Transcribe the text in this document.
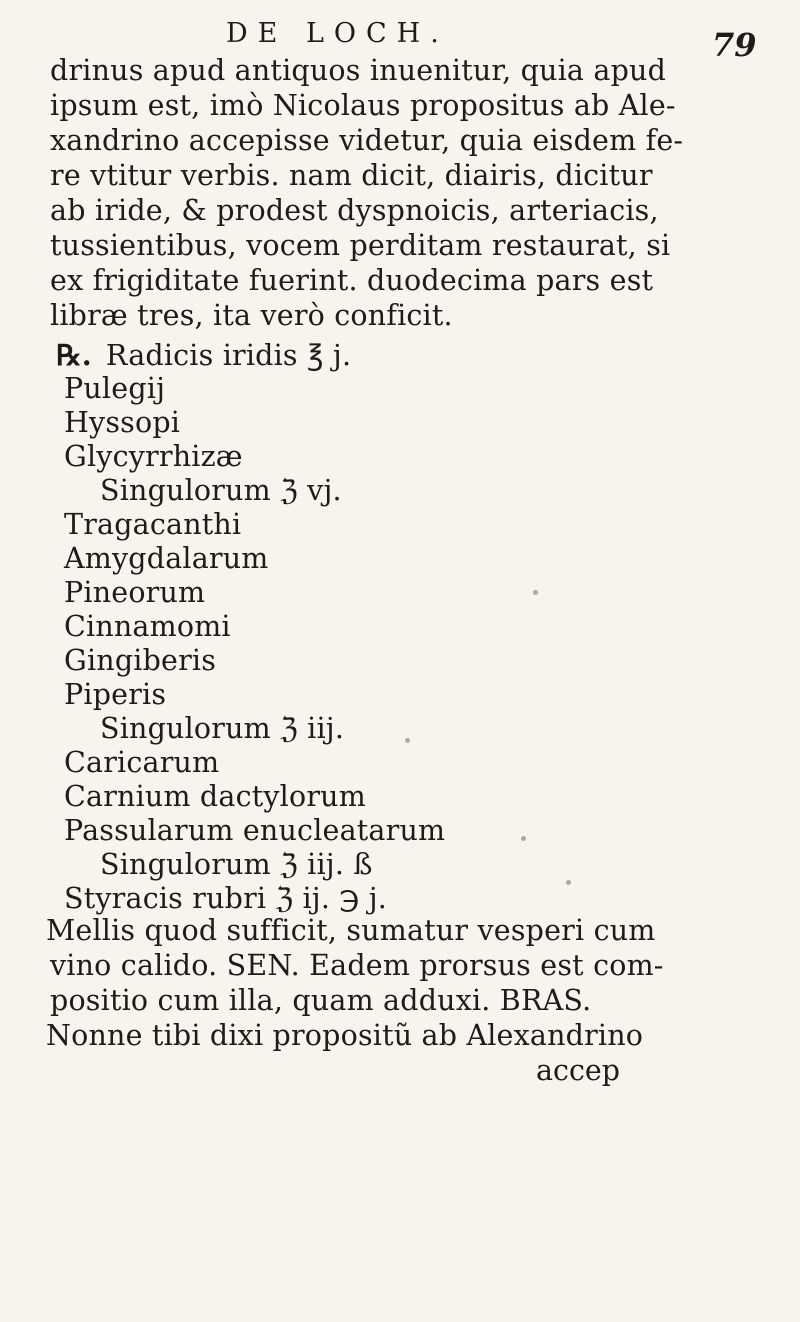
DE LOCH.	79
drinus apud antiquos inuenitur, quia apud
ipsum est, imò Nicolaus propositus ab Ale-
xandrino accepisse videtur, quia eisdem fe-
re vtitur verbis. nam dicit, diairis, dicitur
ab iride, & prodest dyspnoicis, arteriacis,
tussientibus, vocem perditam restaurat, si
ex frigiditate fuerint. duodecima pars est
libræ tres, ita verò conficit.
℞. Radicis iridis ℥ j.
Pulegij
Hyssopi
Glycyrrhizæ
Singulorum ℨ vj.
Tragacanthi
Amygdalarum
Pineorum
Cinnamomi
Gingiberis
Piperis
Singulorum ℨ iij.
Caricarum
Carnium dactylorum
Passularum enucleatarum
Singulorum ℨ iij. ß
Styracis rubri ℨ ij. ℈ j.
Mellis quod sufficit, sumatur vesperi cum
vino calido. SEN. Eadem prorsus est com-
positio cum illa, quam adduxi. BRAS.
Nonne tibi dixi propositũ ab Alexandrino
accep
